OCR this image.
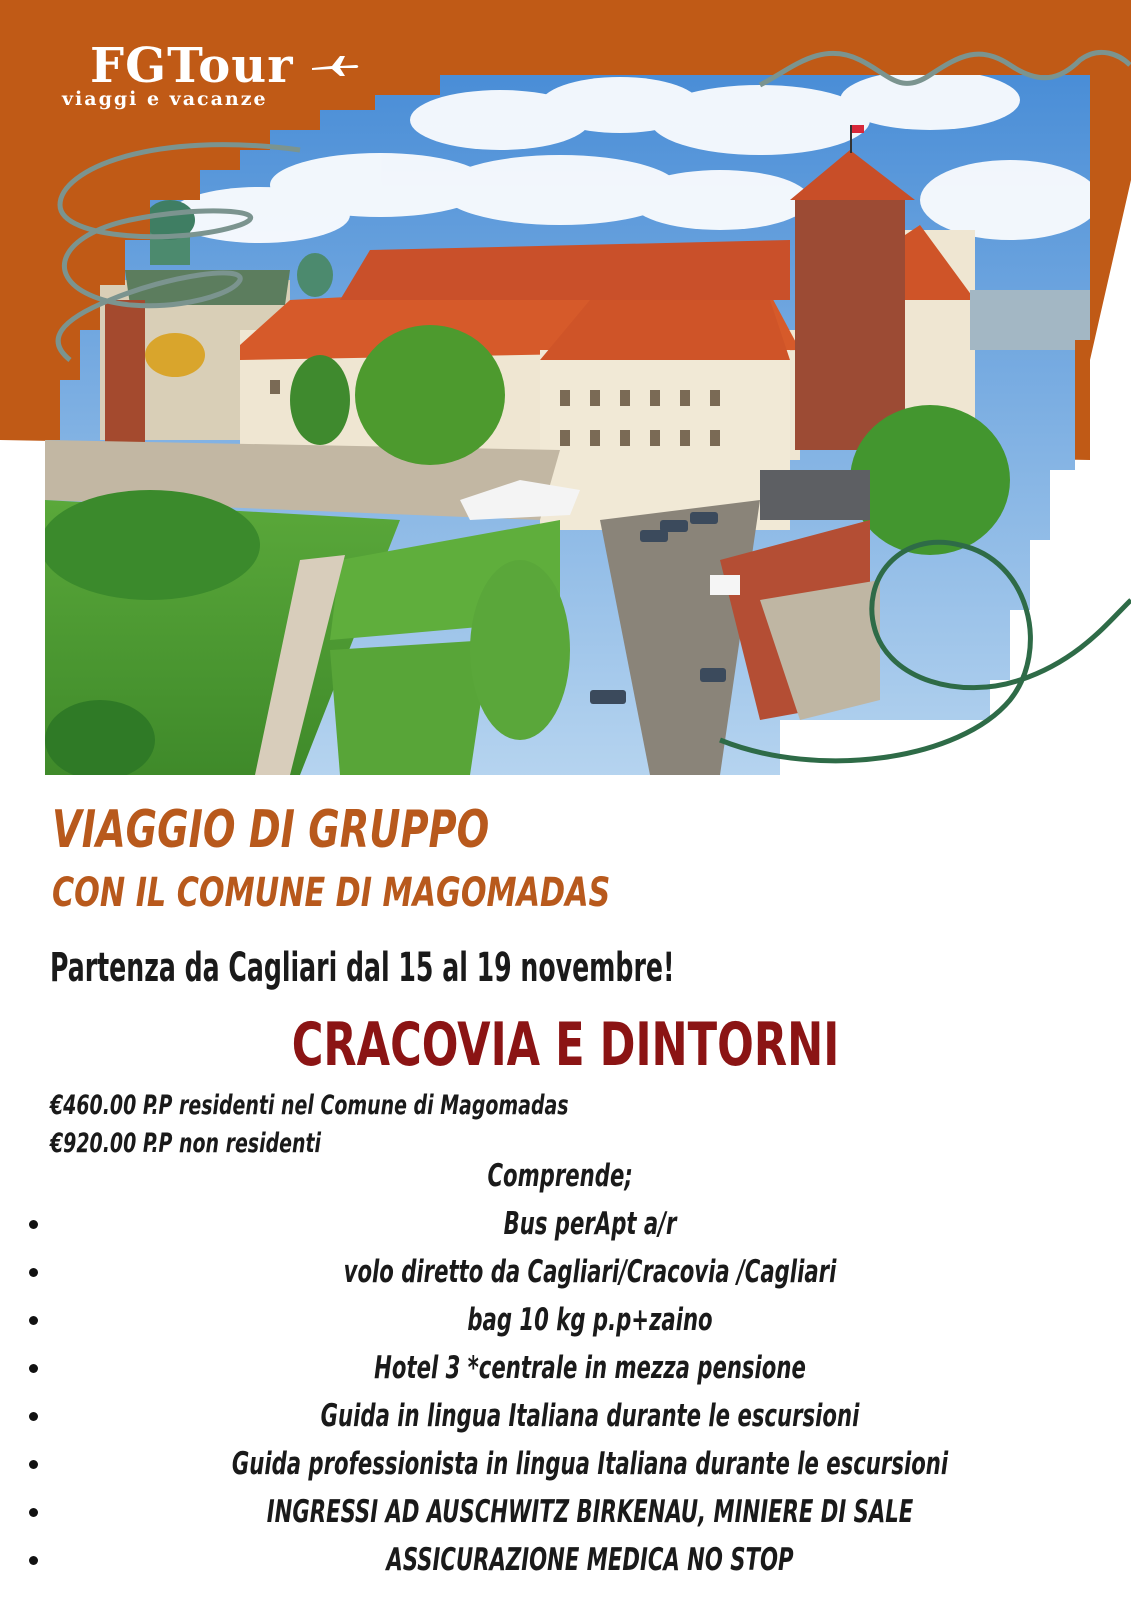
FGTour
viaggi e vacanze
VIAGGIO DI GRUPPO
CON IL COMUNE DI MAGOMADAS

Partenza da Cagliari dal 15 al 19 novembre!

CRACOVIA E DINTORNI

€460.00 P.P residenti nel Comune di Magomadas

€920.00 P.P non residenti

Comprende;

Bus perApt a/r
volo diretto da Cagliari/Cracovia /Cagliari
bag 10 kg p.p+zaino
Hotel 3 *centrale in mezza pensione
Guida in lingua Italiana durante le escursioni
Guida professionista in lingua Italiana durante le escursioni
INGRESSI AD AUSCHWITZ BIRKENAU, MINIERE DI SALE
ASSICURAZIONE MEDICA NO STOP
